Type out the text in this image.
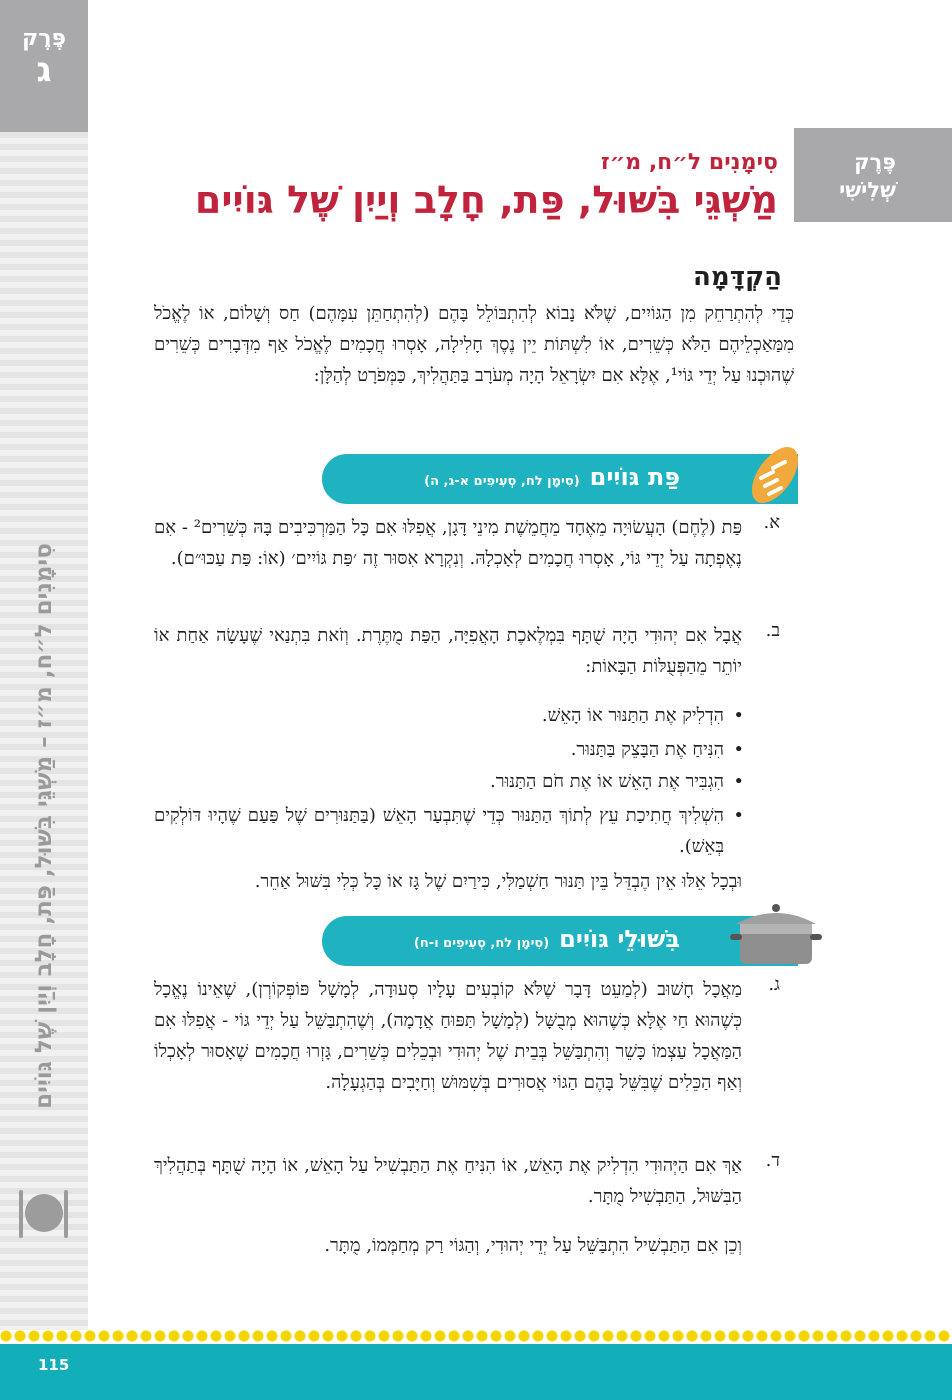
פֶּרֶק
ג
סִימָנִים ל״ח, מ״ז – מַשְׁגֵּי בִּשּׁוּל, פַּת, חָלָב וְיַיִן שֶׁל גּוֹיִים
פֶּרֶק
שְׁלִישִׁי
סִימָנִים ל״ח, מ״ז
מַשְׁגֵּי בִּשּׁוּל, פַּת, חָלָב וְיַיִן שֶׁל גּוֹיִים
הַקְדָּמָה
כְּדֵי לְהִתְרַחֵק מִן הַגּוֹיִים, שֶׁלֹּא נָבוֹא לְהִתְבּוֹלֵל בָּהֶם (לְהִתְחַתֵּן עִמָּהֶם) חַס וְשָׁלוֹם, אוֹ לֶאֱכֹל מִמַּאַכְלֵיהֶם הַלֹּא כְּשֵׁרִים, אוֹ לִשְׁתּוֹת יֵין נֶסֶךְ חָלִילָה, אָסְרוּ חֲכָמִים לֶאֱכֹל אַף מִדְּבָרִים כְּשֵׁרִים שֶׁהוּכְנוּ עַל יְדֵי גּוֹי¹, אֶלָּא אִם יִשְׂרָאֵל הָיָה מְעֹרָב בַּתַּהֲלִיךְ, כַּמְּפֹרָט לְהַלָּן:
פַּת גּוֹיִים(סִימָן לח, סְעִיפִים א-ג, ה)
א.
פַּת (לֶחֶם) הָעֲשׂוּיָה מֵאֶחָד מֵחֲמֵשֶׁת מִינֵי דָּגָן, אֲפִלּוּ אִם כָּל הַמַּרְכִּיבִים בָּהּ כְּשֵׁרִים² - אִם נֶאֶפְתָה עַל יְדֵי גּוֹי, אָסְרוּ חֲכָמִים לְאָכְלָהּ. וְנִקְרָא אִסּוּר זֶה ׳פַּת גּוֹיִים׳ (אוֹ: פַּת עַכּוּ״ם).
ב.
אֲבָל אִם יְהוּדִי הָיָה שֻׁתָּף בִּמְלֶאכֶת הָאֲפִיָּה, הַפַּת מֻתֶּרֶת. וְזֹאת בִּתְנַאי שֶׁעָשָׂה אַחַת אוֹ יוֹתֵר מֵהַפְּעֻלּוֹת הַבָּאוֹת:
• הִדְלִיק אֶת הַתַּנּוּר אוֹ הָאֵשׁ.
• הִנִּיחַ אֶת הַבָּצֵק בַּתַּנּוּר.
• הִגְבִּיר אֶת הָאֵשׁ אוֹ אֶת חֹם הַתַּנּוּר.
• הִשְׁלִיךְ חֲתִיכַת עֵץ לְתוֹךְ הַתַּנּוּר כְּדֵי שֶׁתִּבְעַר הָאֵשׁ (בַּתַּנּוּרִים שֶׁל פַּעַם שֶׁהָיוּ דּוֹלְקִים בְּאֵשׁ).
וּבְכָל אֵלּוּ אֵין הֶבְדֵּל בֵּין תַּנּוּר חַשְׁמַלִּי, כִּירַיִם שֶׁל גָּז אוֹ כָּל כְּלִי בִּשּׁוּל אַחֵר.
בִּשּׁוּלֵי גּוֹיִים(סִימָן לח, סְעִיפִים ו-ח)
ג.
מַאֲכָל חָשׁוּב (לְמַעֵט דָּבָר שֶׁלֹּא קוֹבְעִים עָלָיו סְעוּדָה, לְמָשָׁל פּוֹפְּקוֹרְן), שֶׁאֵינוֹ נֶאֱכָל כְּשֶׁהוּא חַי אֶלָּא כְּשֶׁהוּא מְבֻשָּׁל (לְמָשָׁל תַּפּוּחַ אֲדָמָה), וְשֶׁהִתְבַּשֵּׁל עַל יְדֵי גּוֹי - אֲפִלּוּ אִם הַמַּאֲכָל עַצְמוֹ כָּשֵׁר וְהִתְבַּשֵּׁל בְּבֵית שֶׁל יְהוּדִי וּבְכֵלִים כְּשֵׁרִים, גָּזְרוּ חֲכָמִים שֶׁאָסוּר לְאָכְלוֹ וְאַף הַכֵּלִים שֶׁבִּשֵּׁל בָּהֶם הַגּוֹי אֲסוּרִים בְּשִׁמּוּשׁ וְחַיָּבִים בְּהַגְעָלָה.
ד.
אַךְ אִם הַיְּהוּדִי הִדְלִיק אֶת הָאֵשׁ, אוֹ הִנִּיחַ אֶת הַתַּבְשִׁיל עַל הָאֵשׁ, אוֹ הָיָה שֻׁתָּף בְּתַהֲלִיךְ הַבִּשּׁוּל, הַתַּבְשִׁיל מֻתָּר.
וְכֵן אִם הַתַּבְשִׁיל הִתְבַּשֵּׁל עַל יְדֵי יְהוּדִי, וְהַגּוֹי רַק מְחַמְּמוֹ, מֻתָּר.
115
